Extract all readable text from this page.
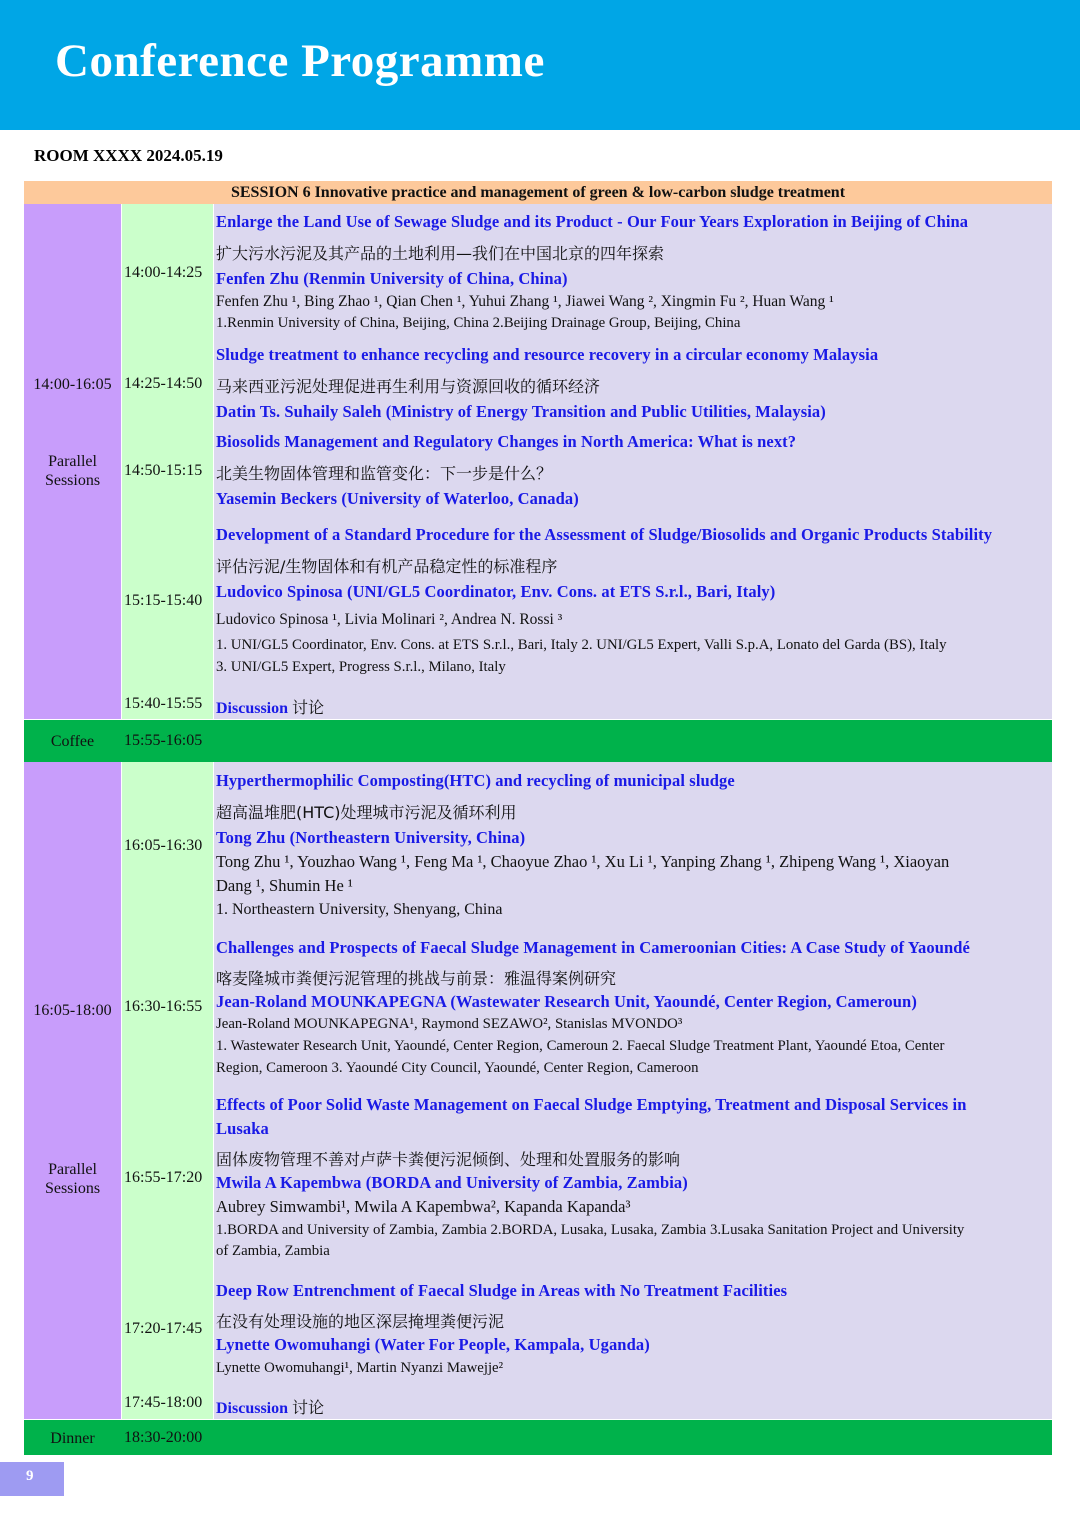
Conference Programme
ROOM XXXX 2024.05.19
SESSION 6 Innovative practice and management of green & low-carbon sludge treatment
14:00-16:05
Parallel Sessions
16:05-18:00
Parallel Sessions
Coffee	15:55-16:05
Dinner	18:30-20:00
14:00-14:25
Enlarge the Land Use of Sewage Sludge and its Product - Our Four Years Exploration in Beijing of China
扩大污水污泥及其产品的土地利用—我们在中国北京的四年探索
Fenfen Zhu (Renmin University of China, China)
Fenfen Zhu ¹, Bing Zhao ¹, Qian Chen ¹, Yuhui Zhang ¹, Jiawei Wang ², Xingmin Fu ², Huan Wang ¹
1.Renmin University of China, Beijing, China 2.Beijing Drainage Group, Beijing, China
14:25-14:50
Sludge treatment to enhance recycling and resource recovery in a circular economy Malaysia
马来西亚污泥处理促进再生利用与资源回收的循环经济
Datin Ts. Suhaily Saleh (Ministry of Energy Transition and Public Utilities, Malaysia)
14:50-15:15
Biosolids Management and Regulatory Changes in North America: What is next?
北美生物固体管理和监管变化：下一步是什么？
Yasemin Beckers (University of Waterloo, Canada)
15:15-15:40
Development of a Standard Procedure for the Assessment of Sludge/Biosolids and Organic Products Stability
评估污泥/生物固体和有机产品稳定性的标准程序
Ludovico Spinosa (UNI/GL5 Coordinator, Env. Cons. at ETS S.r.l., Bari, Italy)
Ludovico Spinosa ¹, Livia Molinari ², Andrea N. Rossi ³
1. UNI/GL5 Coordinator, Env. Cons. at ETS S.r.l., Bari, Italy 2. UNI/GL5 Expert, Valli S.p.A, Lonato del Garda (BS), Italy
3. UNI/GL5 Expert, Progress S.r.l., Milano, Italy
15:40-15:55 Discussion 讨论
16:05-16:30
Hyperthermophilic Composting(HTC) and recycling of municipal sludge
超高温堆肥(HTC)处理城市污泥及循环利用
Tong Zhu (Northeastern University, China)
Tong Zhu ¹, Youzhao Wang ¹, Feng Ma ¹, Chaoyue Zhao ¹, Xu Li ¹, Yanping Zhang ¹, Zhipeng Wang ¹, Xiaoyan
Dang ¹, Shumin He ¹
1. Northeastern University, Shenyang, China
16:30-16:55
Challenges and Prospects of Faecal Sludge Management in Cameroonian Cities: A Case Study of Yaoundé
喀麦隆城市粪便污泥管理的挑战与前景：雅温得案例研究
Jean-Roland MOUNKAPEGNA (Wastewater Research Unit, Yaoundé, Center Region, Cameroun)
Jean-Roland MOUNKAPEGNA¹, Raymond SEZAWO², Stanislas MVONDO³
1. Wastewater Research Unit, Yaoundé, Center Region, Cameroun 2. Faecal Sludge Treatment Plant, Yaoundé Etoa, Center
Region, Cameroon 3. Yaoundé City Council, Yaoundé, Center Region, Cameroon
16:55-17:20
Effects of Poor Solid Waste Management on Faecal Sludge Emptying, Treatment and Disposal Services in
Lusaka
固体废物管理不善对卢萨卡粪便污泥倾倒、处理和处置服务的影响
Mwila A Kapembwa (BORDA and University of Zambia, Zambia)
Aubrey Simwambi¹, Mwila A Kapembwa², Kapanda Kapanda³
1.BORDA and University of Zambia, Zambia 2.BORDA, Lusaka, Lusaka, Zambia 3.Lusaka Sanitation Project and University
of Zambia, Zambia
17:20-17:45
Deep Row Entrenchment of Faecal Sludge in Areas with No Treatment Facilities
在没有处理设施的地区深层掩埋粪便污泥
Lynette Owomuhangi (Water For People, Kampala, Uganda)
Lynette Owomuhangi¹, Martin Nyanzi Mawejje²
17:45-18:00 Discussion 讨论
9
